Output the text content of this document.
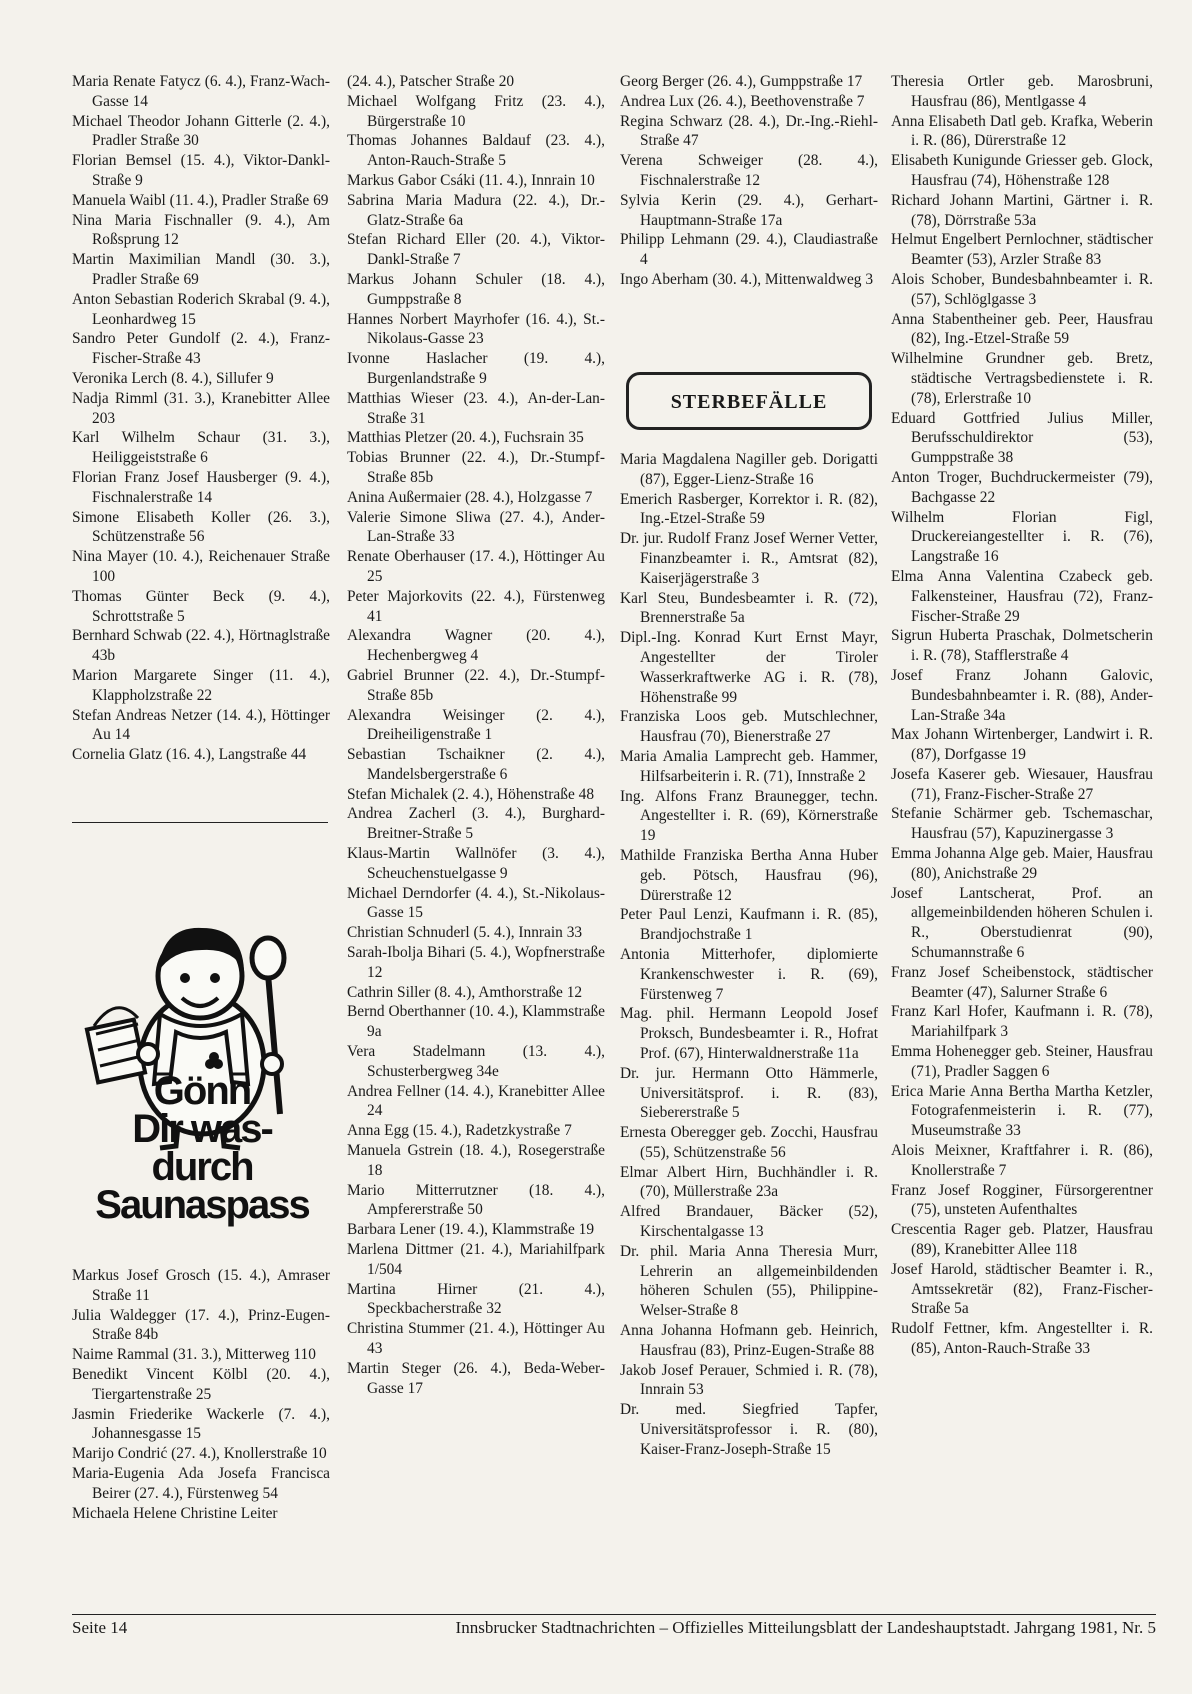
Maria Renate Fatycz (6. 4.), Franz-Wach-Gasse 14
Michael Theodor Johann Gitterle (2. 4.), Pradler Straße 30
Florian Bemsel (15. 4.), Viktor-Dankl-Straße 9
Manuela Waibl (11. 4.), Pradler Straße 69
Nina Maria Fischnaller (9. 4.), Am Roßsprung 12
Martin Maximilian Mandl (30. 3.), Pradler Straße 69
Anton Sebastian Roderich Skrabal (9. 4.), Leonhardweg 15
Sandro Peter Gundolf (2. 4.), Franz-Fischer-Straße 43
Veronika Lerch (8. 4.), Sillufer 9
Nadja Rimml (31. 3.), Kranebitter Allee 203
Karl Wilhelm Schaur (31. 3.), Heiliggeiststraße 6
Florian Franz Josef Hausberger (9. 4.), Fischnalerstraße 14
Simone Elisabeth Koller (26. 3.), Schützenstraße 56
Nina Mayer (10. 4.), Reichenauer Straße 100
Thomas Günter Beck (9. 4.), Schrottstraße 5
Bernhard Schwab (22. 4.), Hörtnaglstraße 43b
Marion Margarete Singer (11. 4.), Klappholzstraße 22
Stefan Andreas Netzer (14. 4.), Höttinger Au 14
Cornelia Glatz (16. 4.), Langstraße 44
Gönn
Dir was-
durch
Saunaspass
Markus Josef Grosch (15. 4.), Amraser Straße 11
Julia Waldegger (17. 4.), Prinz-Eugen-Straße 84b
Naime Rammal (31. 3.), Mitterweg 110
Benedikt Vincent Kölbl (20. 4.), Tiergartenstraße 25
Jasmin Friederike Wackerle (7. 4.), Johannesgasse 15
Marijo Condrić (27. 4.), Knollerstraße 10
Maria-Eugenia Ada Josefa Francisca Beirer (27. 4.), Fürstenweg 54
Michaela Helene Christine Leiter
(24. 4.), Patscher Straße 20
Michael Wolfgang Fritz (23. 4.), Bürgerstraße 10
Thomas Johannes Baldauf (23. 4.), Anton-Rauch-Straße 5
Markus Gabor Csáki (11. 4.), Innrain 10
Sabrina Maria Madura (22. 4.), Dr.-Glatz-Straße 6a
Stefan Richard Eller (20. 4.), Viktor-Dankl-Straße 7
Markus Johann Schuler (18. 4.), Gumppstraße 8
Hannes Norbert Mayrhofer (16. 4.), St.-Nikolaus-Gasse 23
Ivonne Haslacher (19. 4.), Burgenlandstraße 9
Matthias Wieser (23. 4.), An-der-Lan-Straße 31
Matthias Pletzer (20. 4.), Fuchsrain 35
Tobias Brunner (22. 4.), Dr.-Stumpf-Straße 85b
Anina Außermaier (28. 4.), Holzgasse 7
Valerie Simone Sliwa (27. 4.), Ander-Lan-Straße 33
Renate Oberhauser (17. 4.), Höttinger Au 25
Peter Majorkovits (22. 4.), Fürstenweg 41
Alexandra Wagner (20. 4.), Hechenbergweg 4
Gabriel Brunner (22. 4.), Dr.-Stumpf-Straße 85b
Alexandra Weisinger (2. 4.), Dreiheiligenstraße 1
Sebastian Tschaikner (2. 4.), Mandelsbergerstraße 6
Stefan Michalek (2. 4.), Höhenstraße 48
Andrea Zacherl (3. 4.), Burghard-Breitner-Straße 5
Klaus-Martin Wallnöfer (3. 4.), Scheuchenstuelgasse 9
Michael Derndorfer (4. 4.), St.-Nikolaus-Gasse 15
Christian Schnuderl (5. 4.), Innrain 33
Sarah-Ibolja Bihari (5. 4.), Wopfnerstraße 12
Cathrin Siller (8. 4.), Amthorstraße 12
Bernd Oberthanner (10. 4.), Klammstraße 9a
Vera Stadelmann (13. 4.), Schusterbergweg 34e
Andrea Fellner (14. 4.), Kranebitter Allee 24
Anna Egg (15. 4.), Radetzkystraße 7
Manuela Gstrein (18. 4.), Rosegerstraße 18
Mario Mitterrutzner (18. 4.), Ampfererstraße 50
Barbara Lener (19. 4.), Klammstraße 19
Marlena Dittmer (21. 4.), Mariahilfpark 1/504
Martina Hirner (21. 4.), Speckbacherstraße 32
Christina Stummer (21. 4.), Höttinger Au 43
Martin Steger (26. 4.), Beda-Weber-Gasse 17
Georg Berger (26. 4.), Gumppstraße 17
Andrea Lux (26. 4.), Beethovenstraße 7
Regina Schwarz (28. 4.), Dr.-Ing.-Riehl-Straße 47
Verena Schweiger (28. 4.), Fischnalerstraße 12
Sylvia Kerin (29. 4.), Gerhart-Hauptmann-Straße 17a
Philipp Lehmann (29. 4.), Claudiastraße 4
Ingo Aberham (30. 4.), Mittenwaldweg 3
STERBEFÄLLE
Maria Magdalena Nagiller geb. Dorigatti (87), Egger-Lienz-Straße 16
Emerich Rasberger, Korrektor i. R. (82), Ing.-Etzel-Straße 59
Dr. jur. Rudolf Franz Josef Werner Vetter, Finanzbeamter i. R., Amtsrat (82), Kaiserjägerstraße 3
Karl Steu, Bundesbeamter i. R. (72), Brennerstraße 5a
Dipl.-Ing. Konrad Kurt Ernst Mayr, Angestellter der Tiroler Wasserkraftwerke AG i. R. (78), Höhenstraße 99
Franziska Loos geb. Mutschlechner, Hausfrau (70), Bienerstraße 27
Maria Amalia Lamprecht geb. Hammer, Hilfsarbeiterin i. R. (71), Innstraße 2
Ing. Alfons Franz Braunegger, techn. Angestellter i. R. (69), Körnerstraße 19
Mathilde Franziska Bertha Anna Huber geb. Pötsch, Hausfrau (96), Dürerstraße 12
Peter Paul Lenzi, Kaufmann i. R. (85), Brandjochstraße 1
Antonia Mitterhofer, diplomierte Krankenschwester i. R. (69), Fürstenweg 7
Mag. phil. Hermann Leopold Josef Proksch, Bundesbeamter i. R., Hofrat Prof. (67), Hinterwaldnerstraße 11a
Dr. jur. Hermann Otto Hämmerle, Universitätsprof. i. R. (83), Siebererstraße 5
Ernesta Oberegger geb. Zocchi, Hausfrau (55), Schützenstraße 56
Elmar Albert Hirn, Buchhändler i. R. (70), Müllerstraße 23a
Alfred Brandauer, Bäcker (52), Kirschentalgasse 13
Dr. phil. Maria Anna Theresia Murr, Lehrerin an allgemeinbildenden höheren Schulen (55), Philippine-Welser-Straße 8
Anna Johanna Hofmann geb. Heinrich, Hausfrau (83), Prinz-Eugen-Straße 88
Jakob Josef Perauer, Schmied i. R. (78), Innrain 53
Dr. med. Siegfried Tapfer, Universitätsprofessor i. R. (80), Kaiser-Franz-Joseph-Straße 15
Theresia Ortler geb. Marosbruni, Hausfrau (86), Mentlgasse 4
Anna Elisabeth Datl geb. Krafka, Weberin i. R. (86), Dürerstraße 12
Elisabeth Kunigunde Griesser geb. Glock, Hausfrau (74), Höhenstraße 128
Richard Johann Martini, Gärtner i. R. (78), Dörrstraße 53a
Helmut Engelbert Pernlochner, städtischer Beamter (53), Arzler Straße 83
Alois Schober, Bundesbahnbeamter i. R. (57), Schlöglgasse 3
Anna Stabentheiner geb. Peer, Hausfrau (82), Ing.-Etzel-Straße 59
Wilhelmine Grundner geb. Bretz, städtische Vertragsbedienstete i. R. (78), Erlerstraße 10
Eduard Gottfried Julius Miller, Berufsschuldirektor (53), Gumppstraße 38
Anton Troger, Buchdruckermeister (79), Bachgasse 22
Wilhelm Florian Figl, Druckereiangestellter i. R. (76), Langstraße 16
Elma Anna Valentina Czabeck geb. Falkensteiner, Hausfrau (72), Franz-Fischer-Straße 29
Sigrun Huberta Praschak, Dolmetscherin i. R. (78), Stafflerstraße 4
Josef Franz Johann Galovic, Bundesbahnbeamter i. R. (88), Ander-Lan-Straße 34a
Max Johann Wirtenberger, Landwirt i. R. (87), Dorfgasse 19
Josefa Kaserer geb. Wiesauer, Hausfrau (71), Franz-Fischer-Straße 27
Stefanie Schärmer geb. Tschemaschar, Hausfrau (57), Kapuzinergasse 3
Emma Johanna Alge geb. Maier, Hausfrau (80), Anichstraße 29
Josef Lantscherat, Prof. an allgemeinbildenden höheren Schulen i. R., Oberstudienrat (90), Schumannstraße 6
Franz Josef Scheibenstock, städtischer Beamter (47), Salurner Straße 6
Franz Karl Hofer, Kaufmann i. R. (78), Mariahilfpark 3
Emma Hohenegger geb. Steiner, Hausfrau (71), Pradler Saggen 6
Erica Marie Anna Bertha Martha Ketzler, Fotografenmeisterin i. R. (77), Museumstraße 33
Alois Meixner, Kraftfahrer i. R. (86), Knollerstraße 7
Franz Josef Rogginer, Fürsorgerentner (75), unsteten Aufenthaltes
Crescentia Rager geb. Platzer, Hausfrau (89), Kranebitter Allee 118
Josef Harold, städtischer Beamter i. R., Amtssekretär (82), Franz-Fischer-Straße 5a
Rudolf Fettner, kfm. Angestellter i. R. (85), Anton-Rauch-Straße 33
Seite 14	Innsbrucker Stadtnachrichten – Offizielles Mitteilungsblatt der Landeshauptstadt. Jahrgang 1981, Nr. 5
